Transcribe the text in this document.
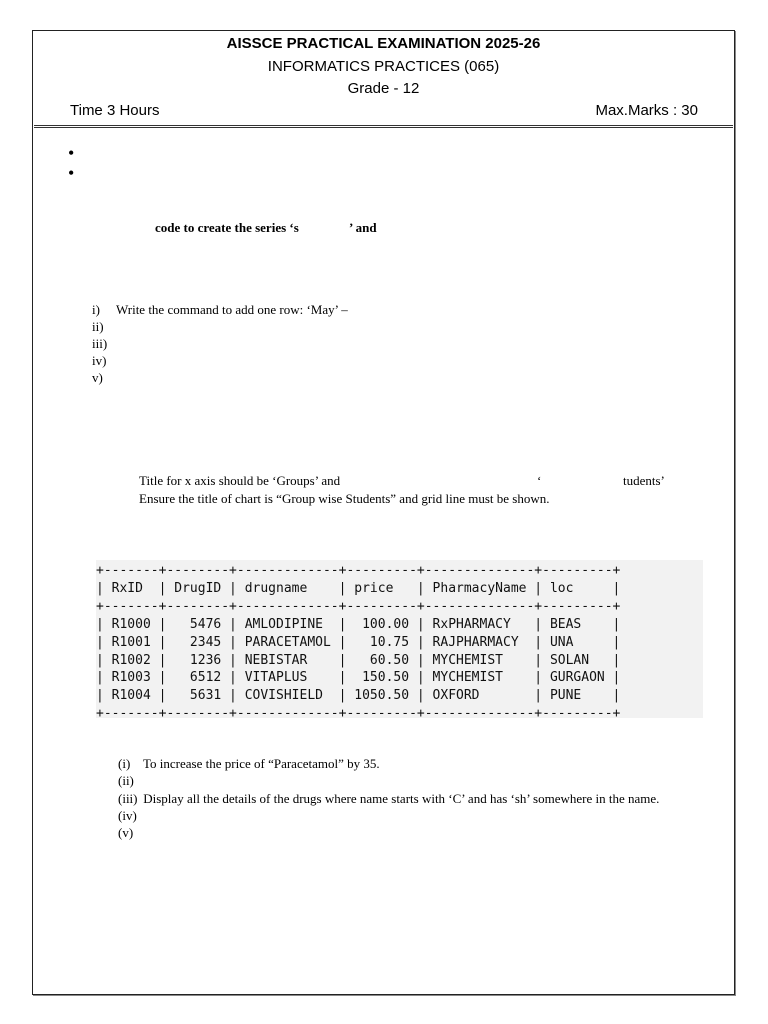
AISSCE PRACTICAL EXAMINATION 2025-26
INFORMATICS PRACTICES (065)
Grade - 12
Time 3 Hours	Max.Marks : 30
•
•
code to create the series ‘s	’ and
i)	Write the command to add one row: ‘May’ –
ii)
iii)
iv)
v)
Title for x axis should be ‘Groups’ and	‘	tudents’
Ensure the title of chart is “Group wise Students” and grid line must be shown.
+-------+--------+-------------+---------+--------------+---------+
| RxID  | DrugID | drugname    | price   | PharmacyName | loc     |
+-------+--------+-------------+---------+--------------+---------+
| R1000 |   5476 | AMLODIPINE  |  100.00 | RxPHARMACY   | BEAS    |
| R1001 |   2345 | PARACETAMOL |   10.75 | RAJPHARMACY  | UNA     |
| R1002 |   1236 | NEBISTAR    |   60.50 | MYCHEMIST    | SOLAN   |
| R1003 |   6512 | VITAPLUS    |  150.50 | MYCHEMIST    | GURGAON |
| R1004 |   5631 | COVISHIELD  | 1050.50 | OXFORD       | PUNE    |
+-------+--------+-------------+---------+--------------+---------+
(i) To increase the price of “Paracetamol” by 35.
(ii)
(iii) Display all the details of the drugs where name starts with ‘C’ and has ‘sh’ somewhere in the name.
(iv)
(v)
